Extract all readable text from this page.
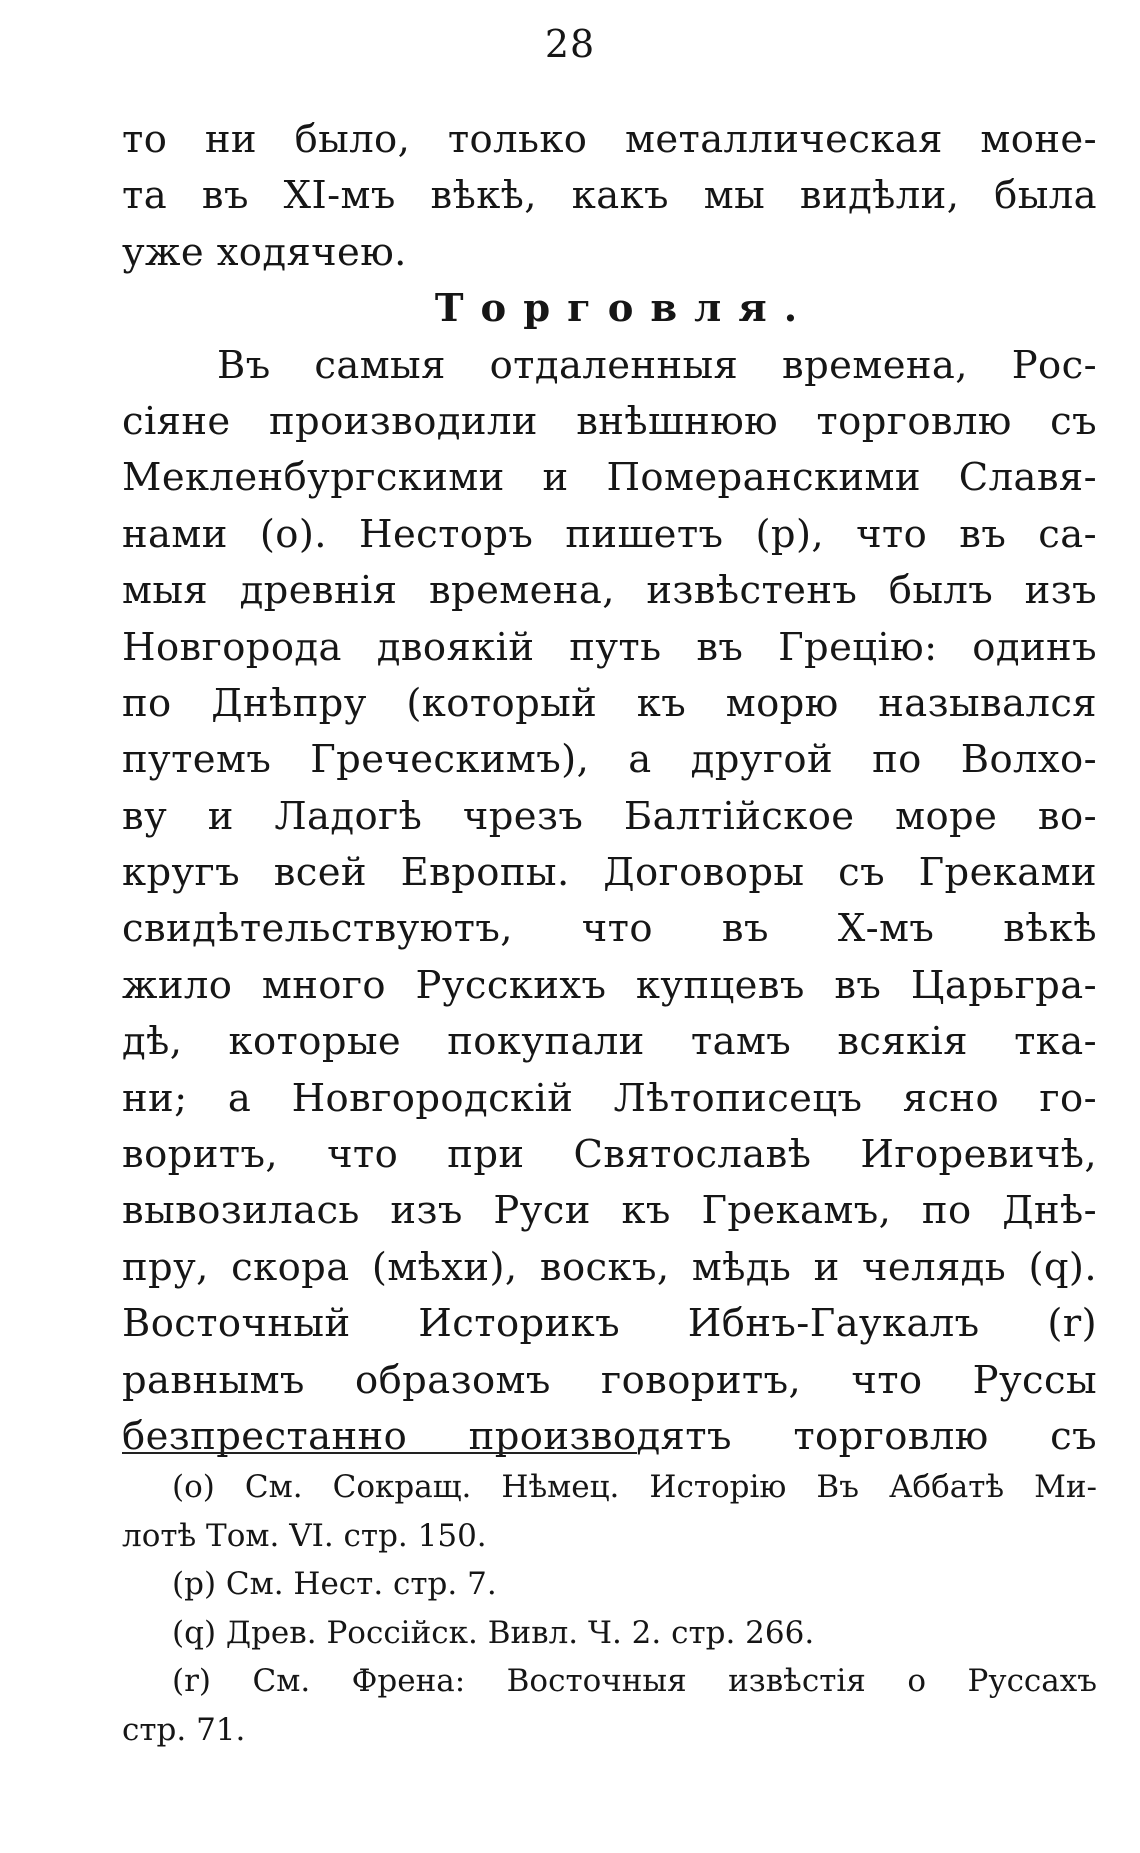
28
то ни было, только металлическая моне-
та въ XI-мъ вѣкѣ, какъ мы видѣли, была
уже ходячею.
Торговля.
Въ самыя отдаленныя времена, Рос-
сіяне производили внѣшнюю торговлю съ
Мекленбургскими и Померанскими Славя-
нами (о). Несторъ пишетъ (р), что въ са-
мыя древнія времена, извѣстенъ былъ изъ
Новгорода двоякій путь въ Грецію: одинъ
по Днѣпру (который къ морю назывался
путемъ Греческимъ), а другой по Волхо-
ву и Ладогѣ чрезъ Балтійское море во-
кругъ всей Европы. Договоры съ Греками
свидѣтельствуютъ, что въ Х-мъ вѣкѣ
жило много Русскихъ купцевъ въ Царьгра-
дѣ, которые покупали тамъ всякія тка-
ни; а Новгородскій Лѣтописецъ ясно го-
воритъ, что при Святославѣ Игоревичѣ,
вывозилась изъ Руси къ Грекамъ, по Днѣ-
пру, скора (мѣхи), воскъ, мѣдь и челядь (q).
Восточный Историкъ Ибнъ-Гаукалъ (r)
равнымъ образомъ говоритъ, что Руссы
безпрестанно производятъ торговлю съ
(о) См. Сокращ. Нѣмец. Исторію Въ Аббатѣ Ми-
лотѣ Том. VI. стр. 150.
(р) См. Нест. стр. 7.
(q) Древ. Россійск. Вивл. Ч. 2. стр. 266.
(r) См. Френа: Восточныя извѣстія о Руссахъ
стр. 71.
